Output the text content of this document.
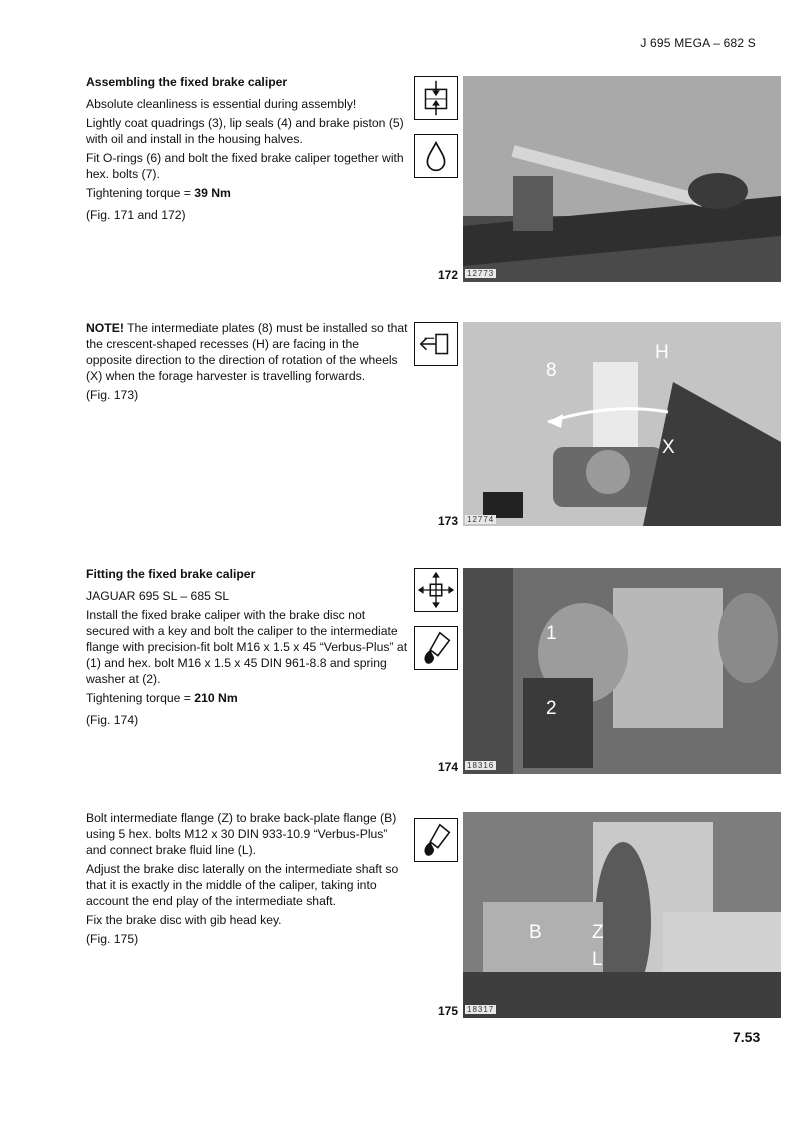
J 695 MEGA – 682 S

Assembling the fixed brake caliper

Absolute cleanliness is essential during assembly!

Lightly coat quadrings (3), lip seals (4) and brake piston (5) with oil and install in the housing halves.

Fit O-rings (6) and bolt the fixed brake caliper together with hex. bolts (7).

Tightening torque = 39 Nm

(Fig. 171 and 172)

NOTE! The intermediate plates (8) must be installed so that the crescent-shaped recesses (H) are facing in the opposite direction to the direction of rotation of the wheels (X) when the forage harvester is travelling forwards.

(Fig. 173)

Fitting the fixed brake caliper

JAGUAR 695 SL – 685 SL

Install the fixed brake caliper with the brake disc not secured with a key and bolt the caliper to the intermediate flange with precision-fit bolt M16 x 1.5 x 45 “Verbus-Plus” at (1) and hex. bolt M16 x 1.5 x 45 DIN 961-8.8 and spring washer at (2).

Tightening torque = 210 Nm

(Fig. 174)

Bolt intermediate flange (Z) to brake back-plate flange (B) using 5 hex. bolts M12 x 30 DIN 933-10.9 “Verbus-Plus” and connect brake fluid line (L).

Adjust the brake disc laterally on the intermediate shaft so that it is exactly in the middle of the caliper, taking into account the end play of the intermediate shaft.

Fix the brake disc with gib head key.

(Fig. 175)

172 12773
8
H
X
173 12774
1
2
174 18316
B	Z
L
175 18317
7.53
